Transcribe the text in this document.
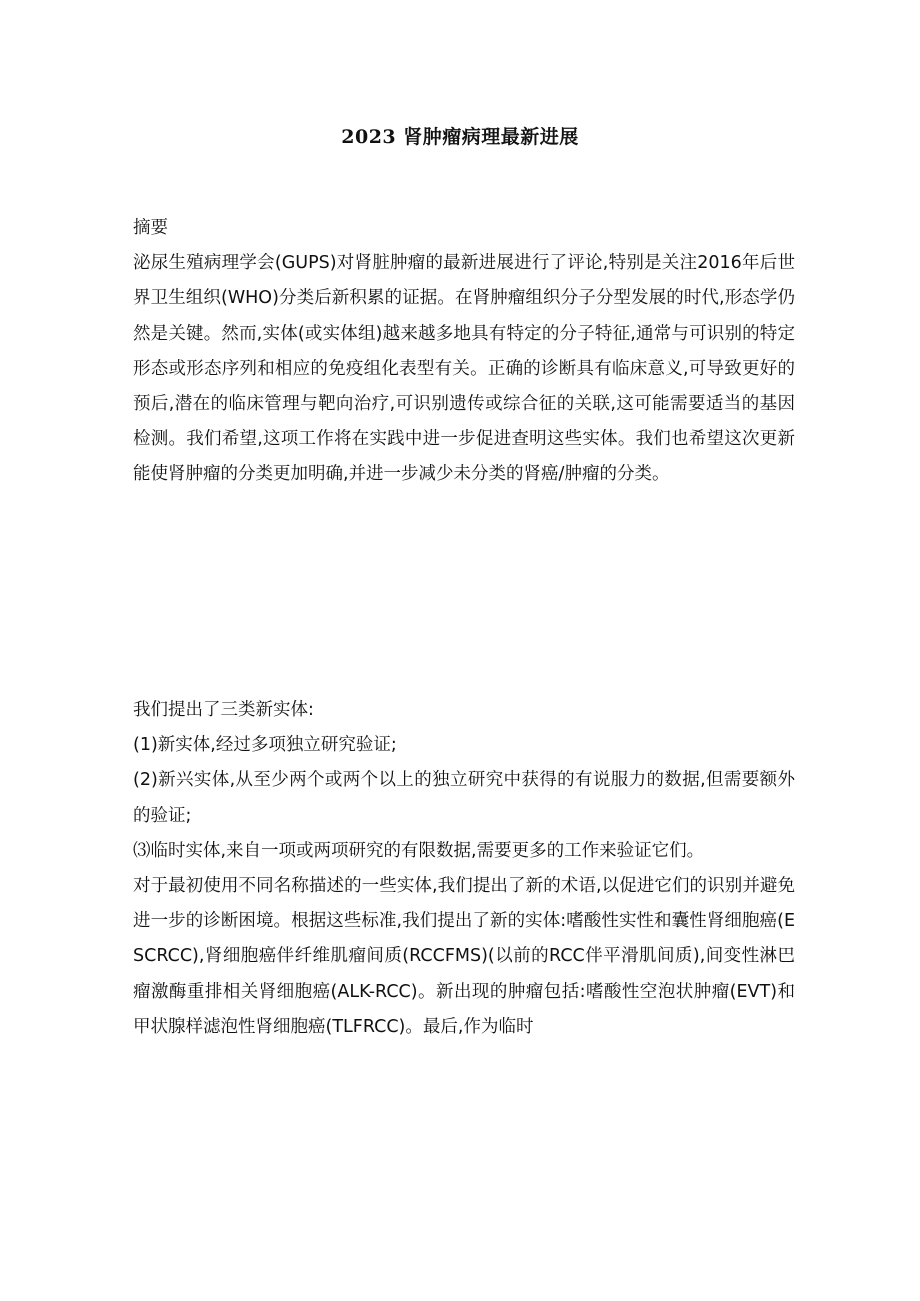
2023 肾肿瘤病理最新进展

摘要

泌尿生殖病理学会(GUPS)对肾脏肿瘤的最新进展进行了评论,特别是关注2016年后世界卫生组织(WHO)分类后新积累的证据。在肾肿瘤组织分子分型发展的时代,形态学仍然是关键。然而,实体(或实体组)越来越多地具有特定的分子特征,通常与可识别的特定形态或形态序列和相应的免疫组化表型有关。正确的诊断具有临床意义,可导致更好的预后,潜在的临床管理与靶向治疗,可识别遗传或综合征的关联,这可能需要适当的基因检测。我们希望,这项工作将在实践中进一步促进查明这些实体。我们也希望这次更新能使肾肿瘤的分类更加明确,并进一步减少未分类的肾癌/肿瘤的分类。

我们提出了三类新实体:

(1)新实体,经过多项独立研究验证;

(2)新兴实体,从至少两个或两个以上的独立研究中获得的有说服力的数据,但需要额外的验证;

⑶临时实体,来自一项或两项研究的有限数据,需要更多的工作来验证它们。

对于最初使用不同名称描述的一些实体,我们提出了新的术语,以促进它们的识别并避免进一步的诊断困境。根据这些标准,我们提出了新的实体:嗜酸性实性和囊性肾细胞癌(ESCRCC),肾细胞癌伴纤维肌瘤间质(RCCFMS)(以前的RCC伴平滑肌间质),间变性淋巴瘤激酶重排相关肾细胞癌(ALK-RCC)。新出现的肿瘤包括:嗜酸性空泡状肿瘤(EVT)和甲状腺样滤泡性肾细胞癌(TLFRCC)。最后,作为临时
